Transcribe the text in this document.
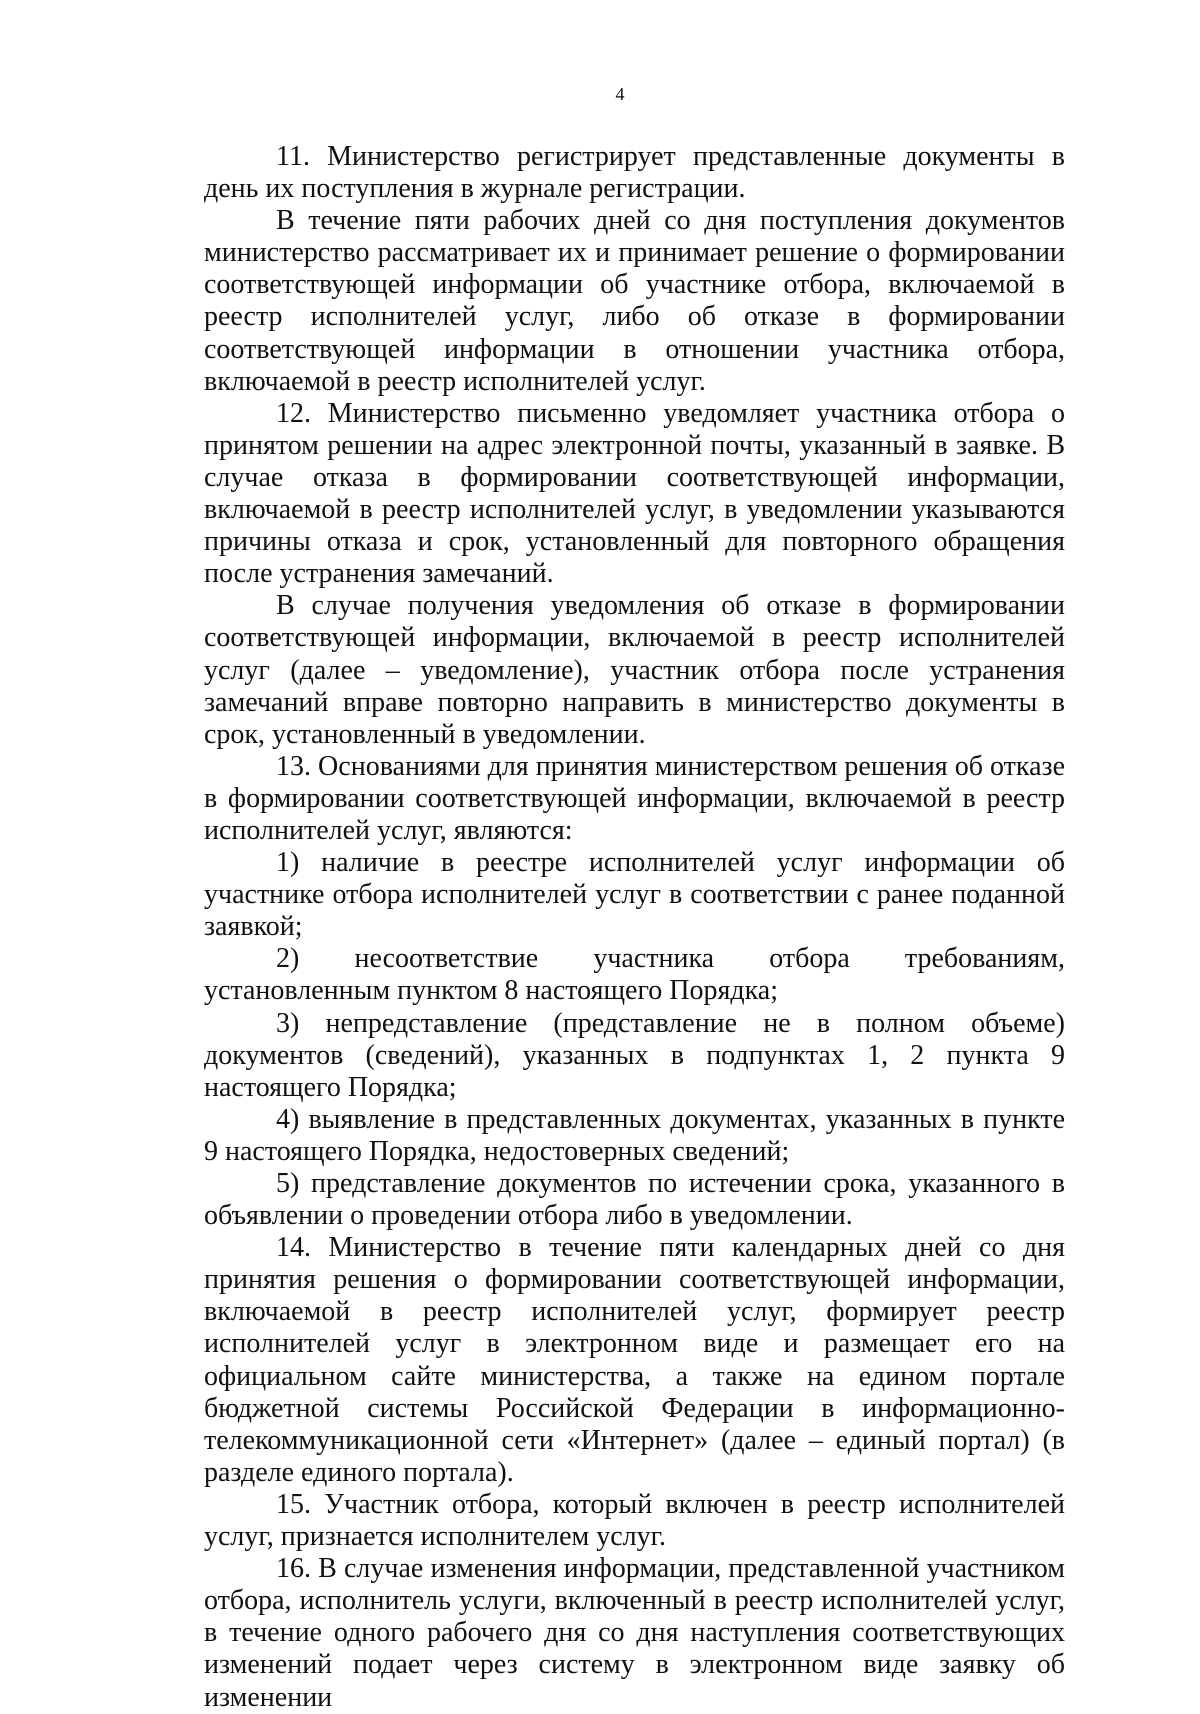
4

11. Министерство регистрирует представленные документы в день их поступления в журнале регистрации.

В течение пяти рабочих дней со дня поступления документов министерство рассматривает их и принимает решение о формировании соответствующей информации об участнике отбора, включаемой в реестр исполнителей услуг, либо об отказе в формировании соответствующей информации в отношении участника отбора, включаемой в реестр исполнителей услуг.

12. Министерство письменно уведомляет участника отбора о принятом решении на адрес электронной почты, указанный в заявке. В случае отказа в формировании соответствующей информации, включаемой в реестр исполнителей услуг, в уведомлении указываются причины отказа и срок, установленный для повторного обращения после устранения замечаний.

В случае получения уведомления об отказе в формировании соответствующей информации, включаемой в реестр исполнителей услуг (далее – уведомление), участник отбора после устранения замечаний вправе повторно направить в министерство документы в срок, установленный в уведомлении.

13. Основаниями для принятия министерством решения об отказе в формировании соответствующей информации, включаемой в реестр исполнителей услуг, являются:

1) наличие в реестре исполнителей услуг информации об участнике отбора исполнителей услуг в соответствии с ранее поданной заявкой;

2) несоответствие участника отбора требованиям, установленным пунктом 8 настоящего Порядка;

3) непредставление (представление не в полном объеме) документов (сведений), указанных в подпунктах 1, 2 пункта 9 настоящего Порядка;

4) выявление в представленных документах, указанных в пункте 9 настоящего Порядка, недостоверных сведений;

5) представление документов по истечении срока, указанного в объявлении о проведении отбора либо в уведомлении.

14. Министерство в течение пяти календарных дней со дня принятия решения о формировании соответствующей информации, включаемой в реестр исполнителей услуг, формирует реестр исполнителей услуг в электронном виде и размещает его на официальном сайте министерства, а также на едином портале бюджетной системы Российской Федерации в информационно-телекоммуникационной сети «Интернет» (далее – единый портал) (в разделе единого портала).

15. Участник отбора, который включен в реестр исполнителей услуг, признается исполнителем услуг.

16. В случае изменения информации, представленной участником отбора, исполнитель услуги, включенный в реестр исполнителей услуг, в течение одного рабочего дня со дня наступления соответствующих изменений подает через систему в электронном виде заявку об изменении
